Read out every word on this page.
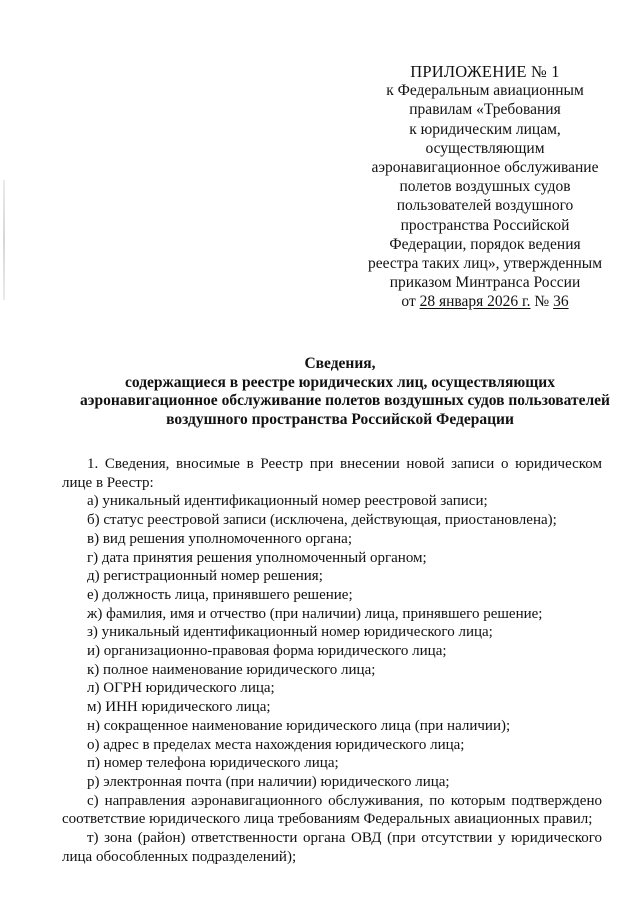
ПРИЛОЖЕНИЕ № 1
к Федеральным авиационным
правилам «Требования
к юридическим лицам,
осуществляющим
аэронавигационное обслуживание
полетов воздушных судов
пользователей воздушного
пространства Российской
Федерации, порядок ведения
реестра таких лиц», утвержденным
приказом Минтранса России
от 28 января 2026 г. № 36
Сведения,
содержащиеся в реестре юридических лиц, осуществляющих
аэронавигационное обслуживание полетов воздушных судов пользователей
воздушного пространства Российской Федерации

1. Сведения, вносимые в Реестр при внесении новой записи о юридическом лице в Реестр:

а) уникальный идентификационный номер реестровой записи;
б) статус реестровой записи (исключена, действующая, приостановлена);
в) вид решения уполномоченного органа;
г) дата принятия решения уполномоченный органом;
д) регистрационный номер решения;
е) должность лица, принявшего решение;
ж) фамилия, имя и отчество (при наличии) лица, принявшего решение;
з) уникальный идентификационный номер юридического лица;
и) организационно-правовая форма юридического лица;
к) полное наименование юридического лица;
л) ОГРН юридического лица;
м) ИНН юридического лица;
н) сокращенное наименование юридического лица (при наличии);
о) адрес в пределах места нахождения юридического лица;
п) номер телефона юридического лица;
р) электронная почта (при наличии) юридического лица;

с) направления аэронавигационного обслуживания, по которым подтверждено соответствие юридического лица требованиям Федеральных авиационных правил;

т) зона (район) ответственности органа ОВД (при отсутствии у юридического лица обособленных подразделений);
